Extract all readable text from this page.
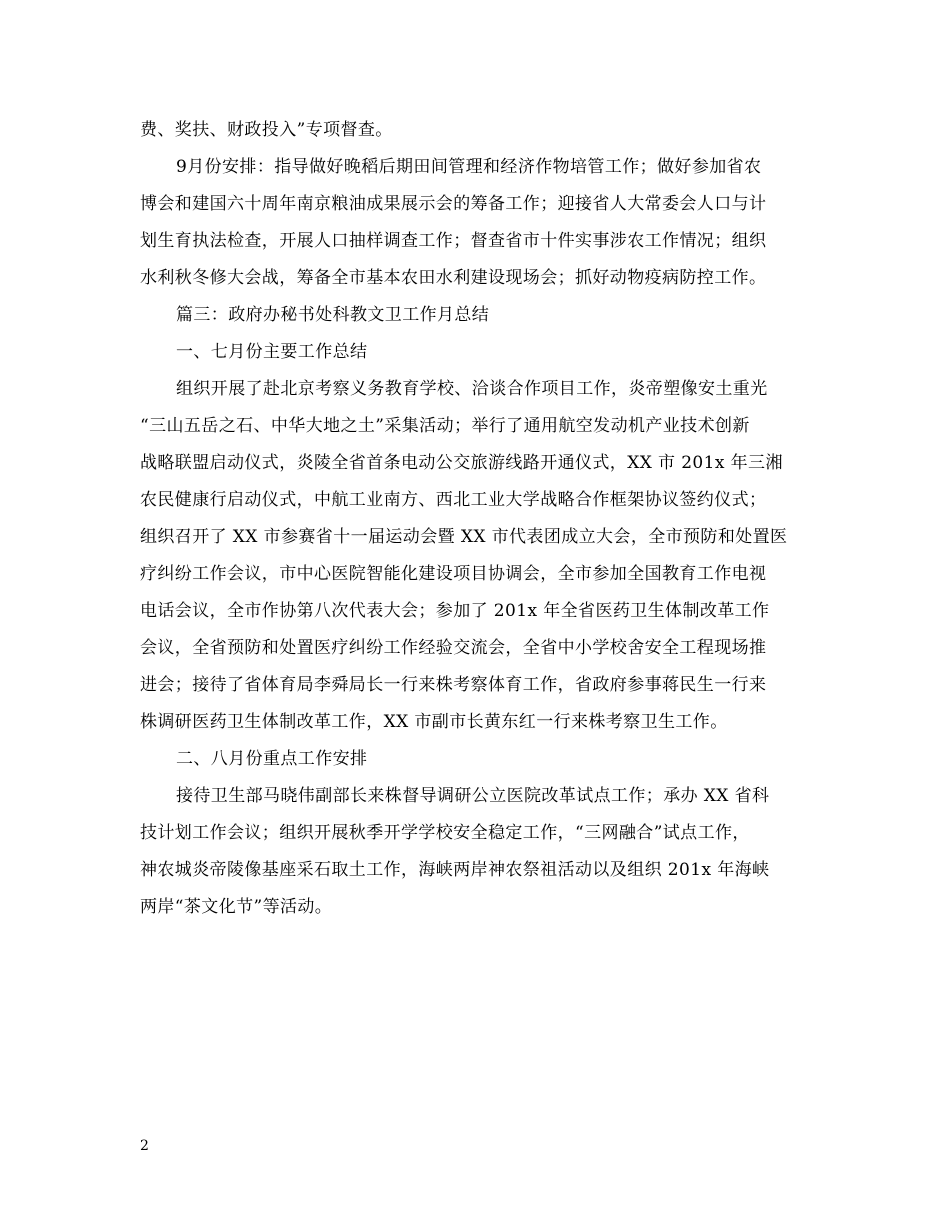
费、奖扶、财政投入”专项督查。
9月份安排：指导做好晚稻后期田间管理和经济作物培管工作；做好参加省农
博会和建国六十周年南京粮油成果展示会的筹备工作；迎接省人大常委会人口与计
划生育执法检查，开展人口抽样调查工作；督查省市十件实事涉农工作情况；组织
水利秋冬修大会战，筹备全市基本农田水利建设现场会；抓好动物疫病防控工作。
篇三：政府办秘书处科教文卫工作月总结
一、七月份主要工作总结
组织开展了赴北京考察义务教育学校、洽谈合作项目工作，炎帝塑像安土重光
“三山五岳之石、中华大地之土”采集活动；举行了通用航空发动机产业技术创新
战略联盟启动仪式，炎陵全省首条电动公交旅游线路开通仪式，XX 市 201x 年三湘
农民健康行启动仪式，中航工业南方、西北工业大学战略合作框架协议签约仪式；
组织召开了 XX 市参赛省十一届运动会暨 XX 市代表团成立大会，全市预防和处置医
疗纠纷工作会议，市中心医院智能化建设项目协调会，全市参加全国教育工作电视
电话会议，全市作协第八次代表大会；参加了 201x 年全省医药卫生体制改革工作
会议，全省预防和处置医疗纠纷工作经验交流会，全省中小学校舍安全工程现场推
进会；接待了省体育局李舜局长一行来株考察体育工作，省政府参事蒋民生一行来
株调研医药卫生体制改革工作，XX 市副市长黄东红一行来株考察卫生工作。
二、八月份重点工作安排
接待卫生部马晓伟副部长来株督导调研公立医院改革试点工作；承办 XX 省科
技计划工作会议；组织开展秋季开学学校安全稳定工作，“三网融合”试点工作，
神农城炎帝陵像基座采石取土工作，海峡两岸神农祭祖活动以及组织 201x 年海峡
两岸“茶文化节”等活动。
2
